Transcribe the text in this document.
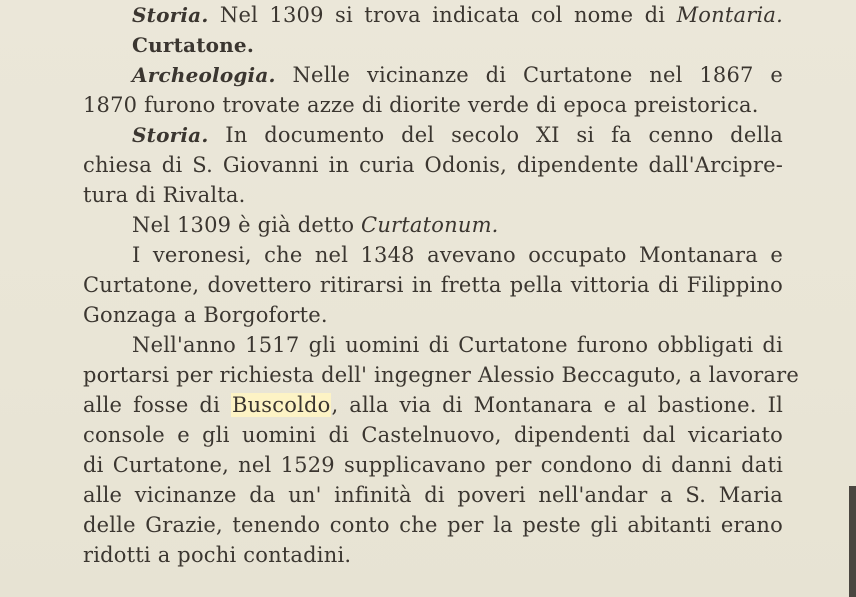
Storia. Nel 1309 si trova indicata col nome di Montaria.
Curtatone.
Archeologia. Nelle vicinanze di Curtatone nel 1867 e
1870 furono trovate azze di diorite verde di epoca preistorica.
Storia. In documento del secolo XI si fa cenno della
chiesa di S. Giovanni in curia Odonis, dipendente dall'Arcipre-
tura di Rivalta.
Nel 1309 è già detto Curtatonum.
I veronesi, che nel 1348 avevano occupato Montanara e
Curtatone, dovettero ritirarsi in fretta pella vittoria di Filippino
Gonzaga a Borgoforte.
Nell'anno 1517 gli uomini di Curtatone furono obbligati di
portarsi per richiesta dell' ingegner Alessio Beccaguto, a lavorare
alle fosse di Buscoldo, alla via di Montanara e al bastione. Il
console e gli uomini di Castelnuovo, dipendenti dal vicariato
di Curtatone, nel 1529 supplicavano per condono di danni dati
alle vicinanze da un' infinità di poveri nell'andar a S. Maria
delle Grazie, tenendo conto che per la peste gli abitanti erano
ridotti a pochi contadini.
